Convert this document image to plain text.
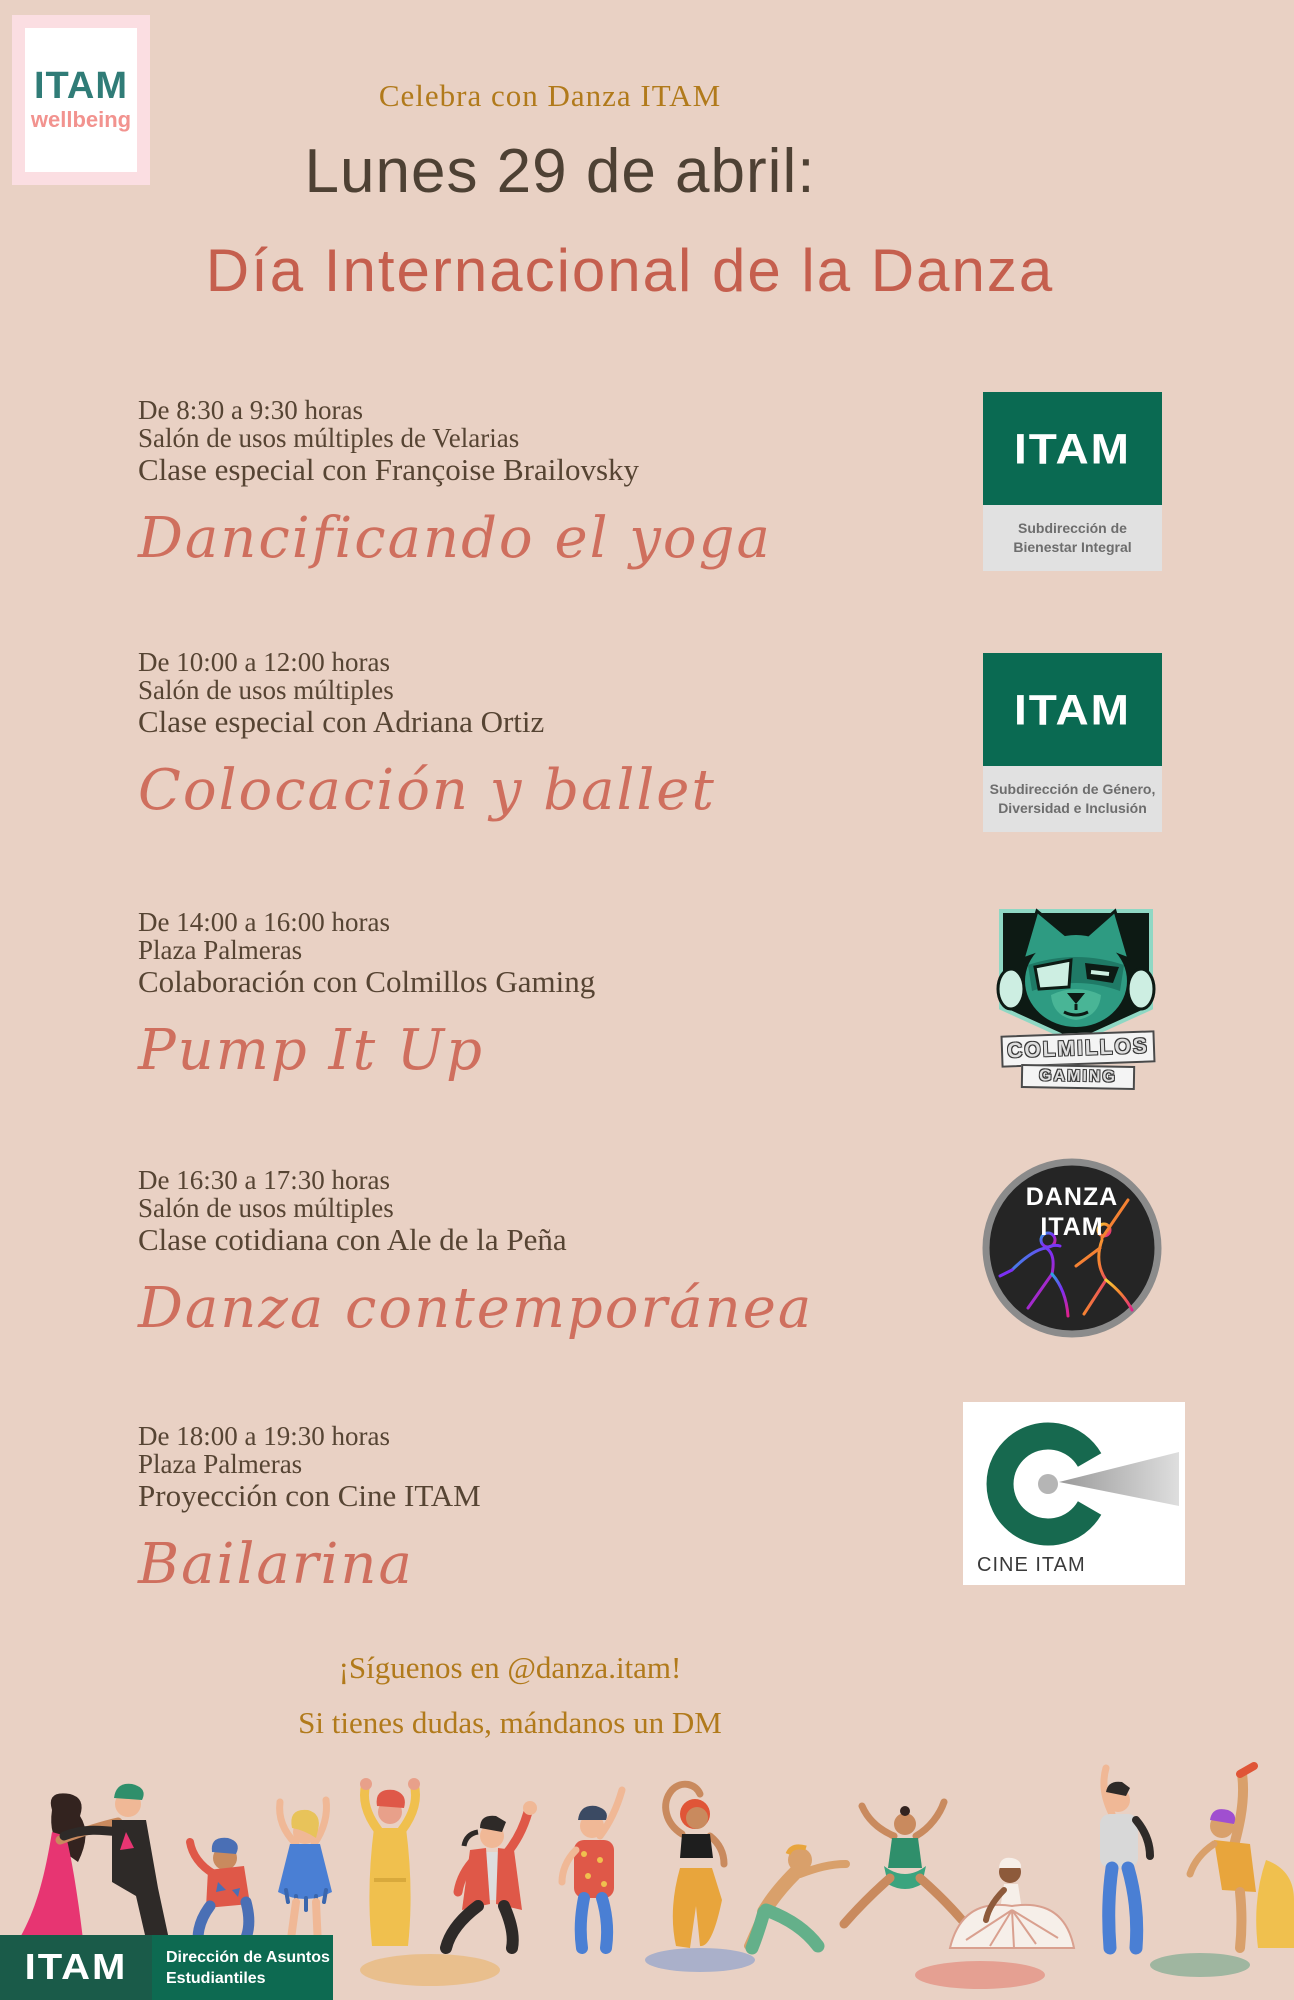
ITAM
wellbeing
Celebra con Danza ITAM
Lunes 29 de abril:
Día Internacional de la Danza
De 8:30 a 9:30 horas
Salón de usos múltiples de Velarias
Clase especial con Françoise Brailovsky
Dancificando el yoga
De 10:00 a 12:00 horas
Salón de usos múltiples
Clase especial con Adriana Ortiz
Colocación y ballet
De 14:00 a 16:00 horas
Plaza Palmeras
Colaboración con Colmillos Gaming
Pump It Up
De 16:30 a 17:30 horas
Salón de usos múltiples
Clase cotidiana con Ale de la Peña
Danza contemporánea
De 18:00 a 19:30 horas
Plaza Palmeras
Proyección con Cine ITAM
Bailarina
ITAM
Subdirección de
Bienestar Integral
ITAM
Subdirección de Género,
Diversidad e Inclusión
COLMILLOS
GAMING
DANZA
ITAM
CINE ITAM
¡Síguenos en @danza.itam!
Si tienes dudas, mándanos un DM
ITAM Dirección de Asuntos
Estudiantiles
